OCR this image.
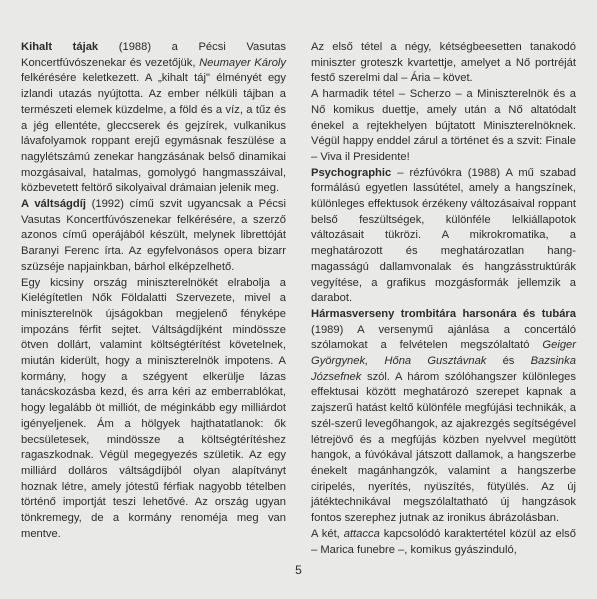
Kihalt tájak (1988) a Pécsi Vasutas Koncertfúvószenekar és vezetőjük, Neumayer Károly felkérésére keletkezett. A „kihalt táj" élményét egy izlandi utazás nyújtotta. Az ember nélküli tájban a természeti elemek küzdelme, a föld és a víz, a tűz és a jég ellentéte, gleccserek és gejzírek, vulkanikus lávafolyamok roppant erejű egymásnak feszülése a nagylétszámú zenekar hangzásának belső dinamikai mozgásaival, hatalmas, gomolygó hangmasszáival, közbevetett feltörő sikolyaival drámaian jelenik meg.

A váltságdíj (1992) című szvit ugyancsak a Pécsi Vasutas Koncertfúvószenekar felkérésére, a szerző azonos című operájából készült, melynek librettóját Baranyi Ferenc írta. Az egyfelvonásos opera bizarr szüzséje napjainkban, bárhol elképzelhető.

Egy kicsiny ország miniszterelnökét elrabolja a Kielégítetlen Nők Földalatti Szervezete, mivel a miniszterelnök újságokban megjelenő fényképe impozáns férfit sejtet. Váltságdíjként mindössze ötven dollárt, valamint költségtérítést követelnek, miután kiderült, hogy a miniszterelnök impotens. A kormány, hogy a szégyent elkerülje lázas tanácskozásba kezd, és arra kéri az emberrablókat, hogy legalább öt milliót, de méginkább egy milliárdot igényeljenek. Ám a hölgyek hajthatatlanok: ők becsületesek, mindössze a költségtérítéshez ragaszkodnak. Végül megegyezés születik. Az egy milliárd dolláros váltságdíjból olyan alapítványt hoznak létre, amely jótestű férfiak nagyobb tételben történő importját teszi lehetővé. Az ország ugyan tönkremegy, de a kormány renoméja meg van mentve.

Az első tétel a négy, kétségbeesetten tanakodó miniszter groteszk kvartettje, amelyet a Nő portréját festő szerelmi dal – Ária – követ.

A harmadik tétel – Scherzo – a Miniszterelnök és a Nő komikus duettje, amely után a Nő altatódalt énekel a rejtekhelyen bújtatott Miniszterelnöknek. Végül happy enddel zárul a történet és a szvit: Finale – Viva il Presidente!

Psychographic – rézfúvókra (1988) A mű szabad formálású egyetlen lassútétel, amely a hangszínek, különleges effektusok érzékeny változásaival roppant belső feszültségek, különféle lelkiállapotok változásait tükrözi. A mikrokromatika, a meghatározott és meghatározatlan hang- magasságú dallamvonalak és hangzásstruktúrák vegyítése, a grafikus mozgásformák jellemzik a darabot.

Hármasverseny trombitára harsonára és tubára (1989) A versenymű ajánlása a concertáló szólamokat a felvételen megszólaltató Geiger Györgynek, Hőna Gusztávnak és Bazsinka Józsefnek szól. A három szólóhangszer különleges effektusai között meghatározó szerepet kapnak a zajszerű hatást keltő különféle megfújási technikák, a szél-szerű levegőhangok, az ajakrezgés segítségével létrejövő és a megfújás közben nyelvvel megütött hangok, a fúvókával játszott dallamok, a hangszerbe énekelt magánhangzók, valamint a hangszerbe ciripelés, nyerítés, nyüszítés, fütyülés. Az új játéktechnikával megszólaltatható új hangzások fontos szerephez jutnak az ironikus ábrázolásban.

A két, attacca kapcsolódó karaktertétel közül az első – Marica funebre –, komikus gyászinduló,

5
